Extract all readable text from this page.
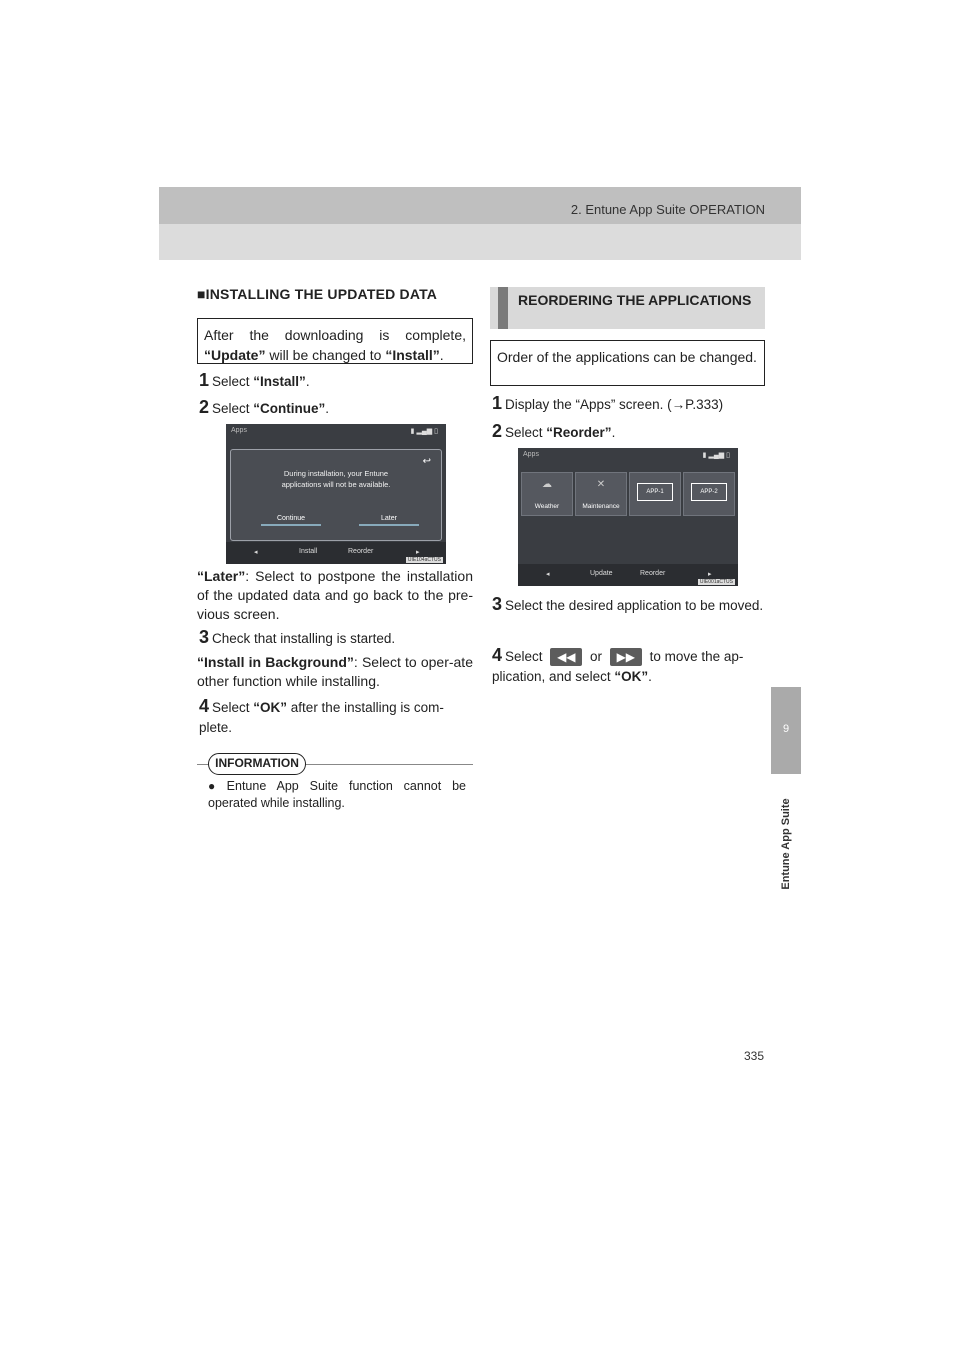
2. Entune App Suite OPERATION
9
Entune App Suite
■INSTALLING THE UPDATED DATA
After the downloading is complete, “Update” will be changed to “Install”.
1 Select “Install”.
2 Select “Continue”.
Apps	▮ ▂▄▆ ▯
↩
During installation, your Entune
applications will not be available.
Continue	Later
◂	Install	Reorder	▸
UIE104aCTUS
“Later”: Select to postpone the installation of the updated data and go back to the pre-vious screen.
3 Check that installing is started.
“Install in Background”: Select to oper-ate other function while installing.
4 Select “OK” after the installing is com-plete.
INFORMATION
● Entune App Suite function cannot be operated while installing.
REORDERING THE APPLICATIONS
Order of the applications can be changed.
1 Display the “Apps” screen. (→P.333)
2 Select “Reorder”.
Apps	▮ ▂▄▆ ▯
☁
Weather
✕
Maintenance
APP-1	APP-2
◂	Update	Reorder	▸
UIE001aCTUS
3 Select the desired application to be moved.
4 Select ◀◀ or ▶▶ to move the ap-plication, and select “OK”.
335
